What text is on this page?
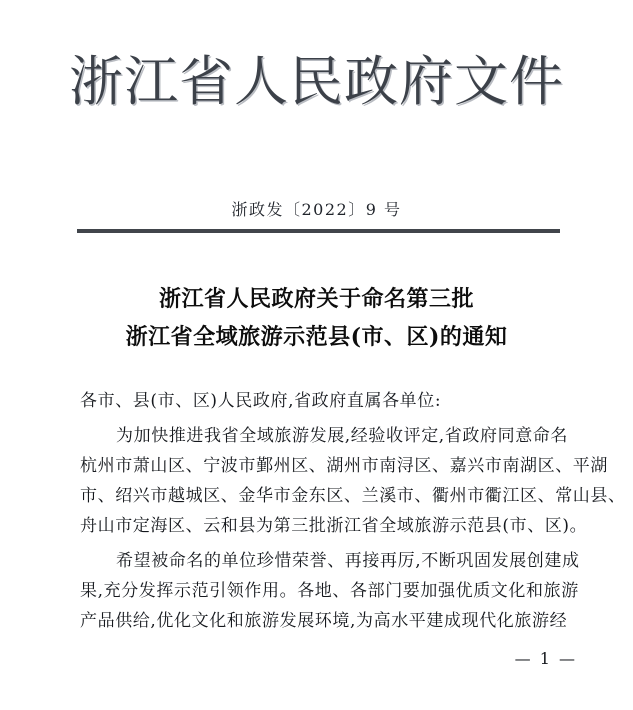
浙江省人民政府文件
浙政发〔2022〕9 号
浙江省人民政府关于命名第三批
浙江省全域旅游示范县(市、区)的通知
各市、县(市、区)人民政府,省政府直属各单位:
为加快推进我省全域旅游发展,经验收评定,省政府同意命名
杭州市萧山区、宁波市鄞州区、湖州市南浔区、嘉兴市南湖区、平湖
市、绍兴市越城区、金华市金东区、兰溪市、衢州市衢江区、常山县、
舟山市定海区、云和县为第三批浙江省全域旅游示范县(市、区)。
希望被命名的单位珍惜荣誉、再接再厉,不断巩固发展创建成
果,充分发挥示范引领作用。各地、各部门要加强优质文化和旅游
产品供给,优化文化和旅游发展环境,为高水平建成现代化旅游经
— 1 —
